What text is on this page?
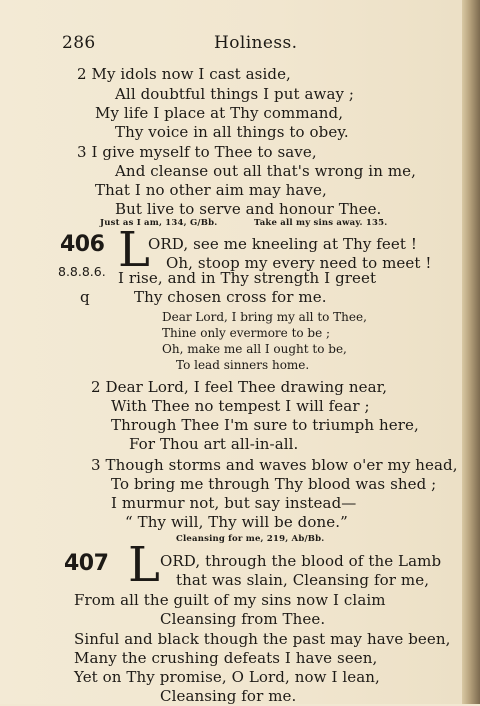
286	Holiness.
2 My idols now I cast aside,
All doubtful things I put away ;
My life I place at Thy command,
Thy voice in all things to obey.
3 I give myself to Thee to save,
And cleanse out all that's wrong in me,
That I no other aim may have,
But live to serve and honour Thee.
Just as I am, 134, G/Bb.	Take all my sins away. 135.
406 L
8.8.8.6.
q
ORD, see me kneeling at Thy feet !
Oh, stoop my every need to meet !
I rise, and in Thy strength I greet
Thy chosen cross for me.
Dear Lord, I bring my all to Thee,
Thine only evermore to be ;
Oh, make me all I ought to be,
To lead sinners home.
2 Dear Lord, I feel Thee drawing near,
With Thee no tempest I will fear ;
Through Thee I'm sure to triumph here,
For Thou art all-in-all.
3 Though storms and waves blow o'er my head,
To bring me through Thy blood was shed ;
I murmur not, but say instead—
“ Thy will, Thy will be done.”
Cleansing for me, 219, Ab/Bb.
407 L ORD, through the blood of the Lamb
that was slain, Cleansing for me,
From all the guilt of my sins now I claim
Cleansing from Thee.
Sinful and black though the past may have been,
Many the crushing defeats I have seen,
Yet on Thy promise, O Lord, now I lean,
Cleansing for me.
